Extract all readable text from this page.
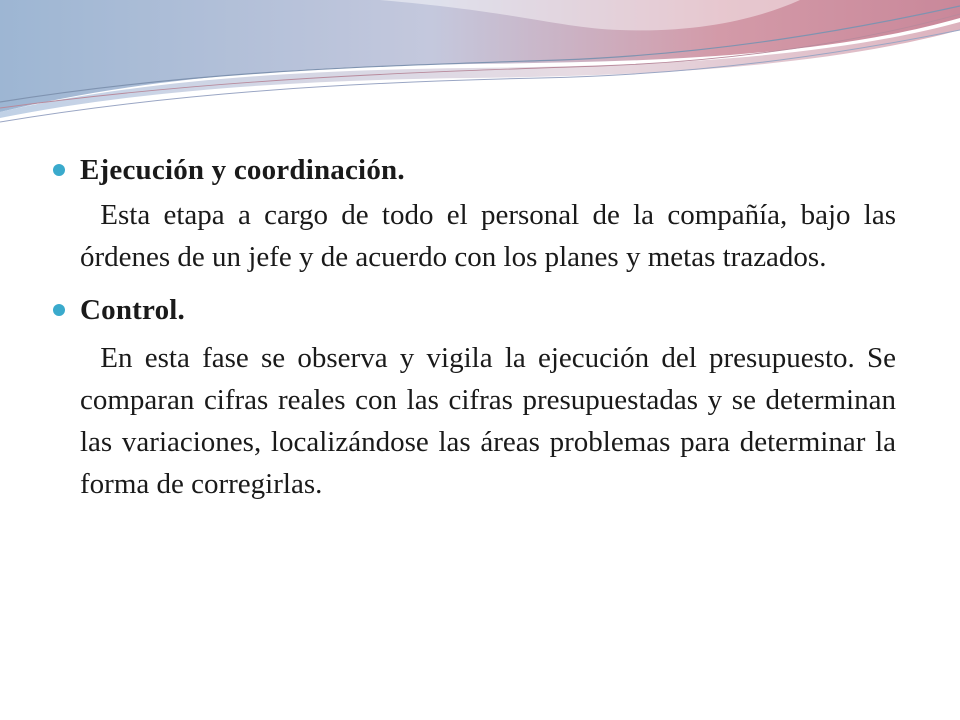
Ejecución y coordinación.
Esta etapa a cargo de todo el personal de la compañía, bajo las órdenes de un jefe y de acuerdo con los planes y metas trazados.
Control.
En esta fase se observa y vigila la ejecución del presupuesto. Se comparan cifras reales con las cifras presupuestadas y se determinan las variaciones, localizándose las áreas problemas para determinar la forma de corregirlas.
